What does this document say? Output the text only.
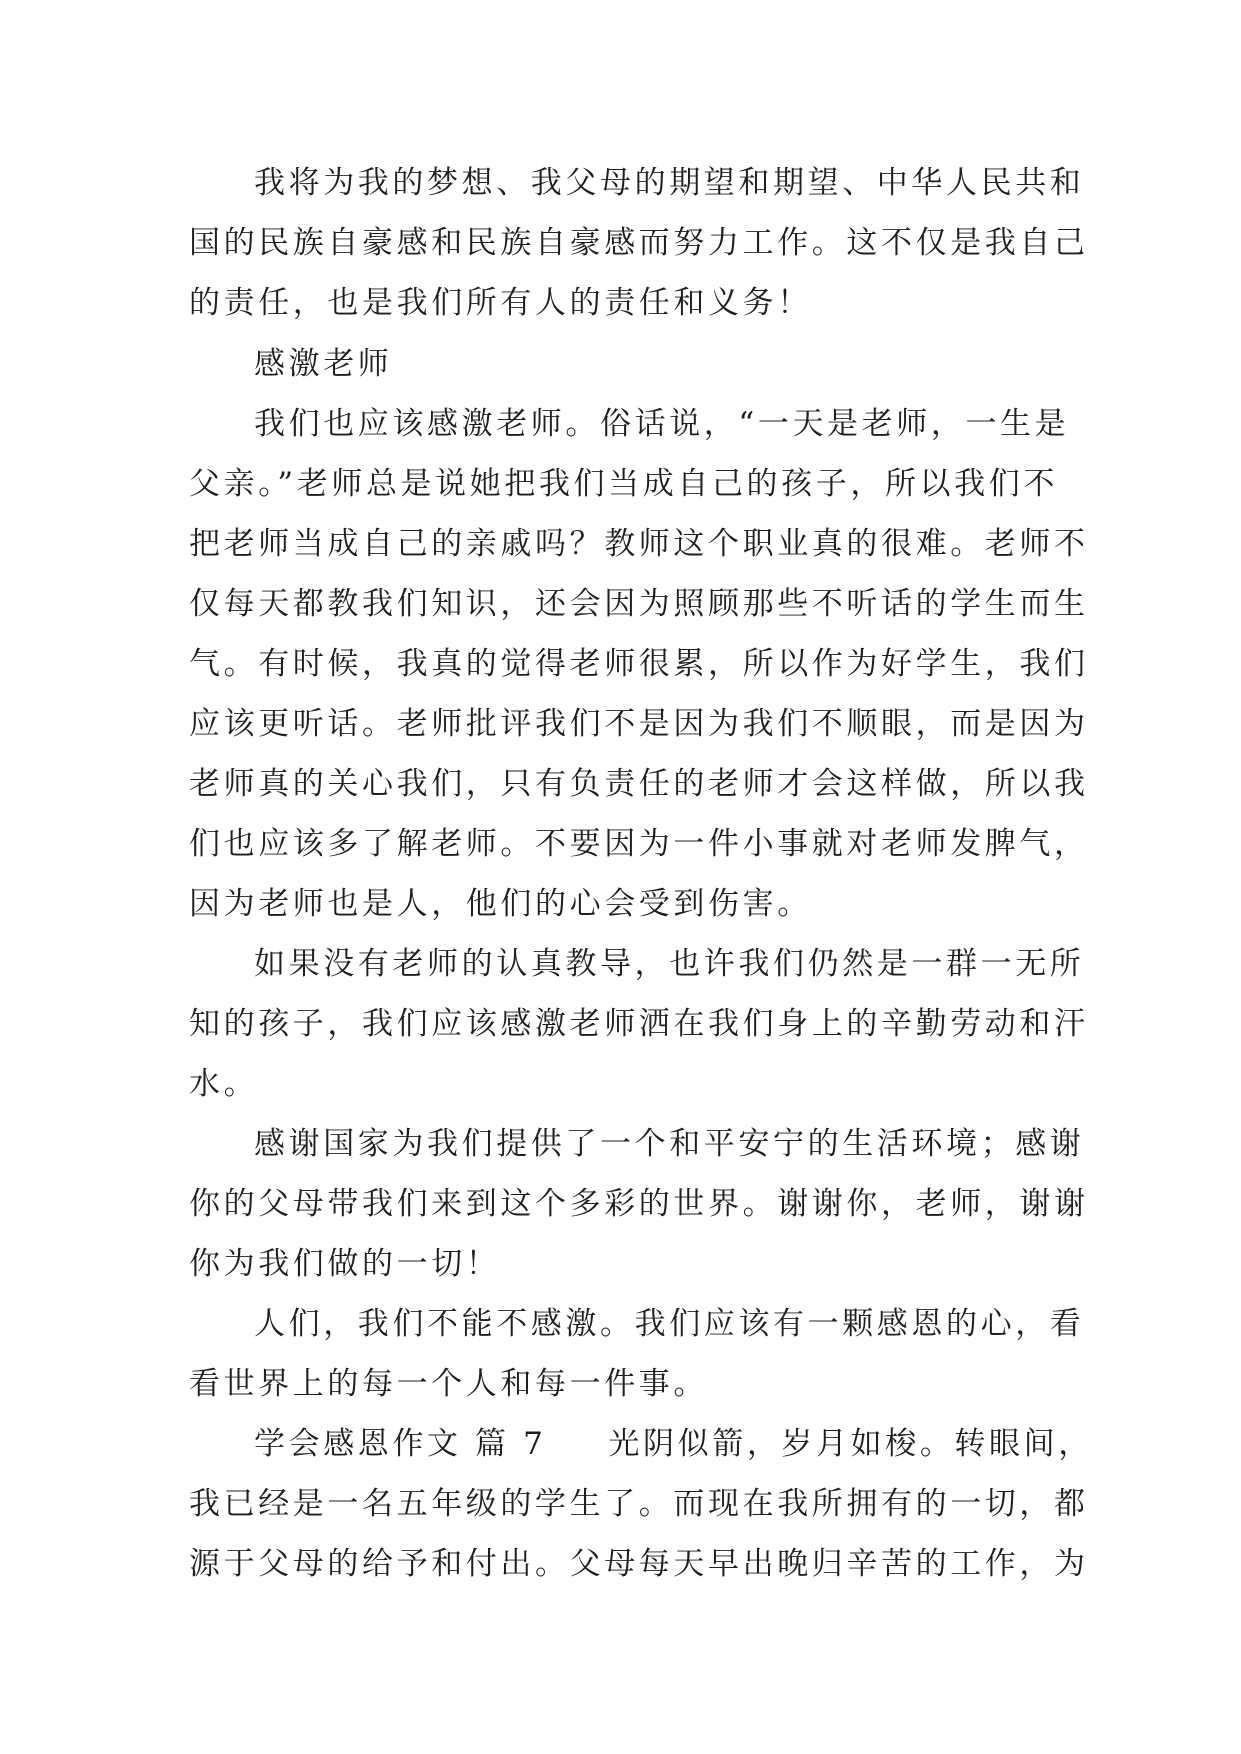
我将为我的梦想、我父母的期望和期望、中华人民共和
国的民族自豪感和民族自豪感而努力工作。这不仅是我自己
的责任，也是我们所有人的责任和义务！
感激老师
我们也应该感激老师。俗话说，“一天是老师，一生是
父亲。”老师总是说她把我们当成自己的孩子，所以我们不
把老师当成自己的亲戚吗？教师这个职业真的很难。老师不
仅每天都教我们知识，还会因为照顾那些不听话的学生而生
气。有时候，我真的觉得老师很累，所以作为好学生，我们
应该更听话。老师批评我们不是因为我们不顺眼，而是因为
老师真的关心我们，只有负责任的老师才会这样做，所以我
们也应该多了解老师。不要因为一件小事就对老师发脾气，
因为老师也是人，他们的心会受到伤害。
如果没有老师的认真教导，也许我们仍然是一群一无所
知的孩子，我们应该感激老师洒在我们身上的辛勤劳动和汗
水。
感谢国家为我们提供了一个和平安宁的生活环境；感谢
你的父母带我们来到这个多彩的世界。谢谢你，老师，谢谢
你为我们做的一切！
人们，我们不能不感激。我们应该有一颗感恩的心，看
看世界上的每一个人和每一件事。
学会感恩作文 篇 7 光阴似箭，岁月如梭。转眼间，
我已经是一名五年级的学生了。而现在我所拥有的一切，都
源于父母的给予和付出。父母每天早出晚归辛苦的工作，为
